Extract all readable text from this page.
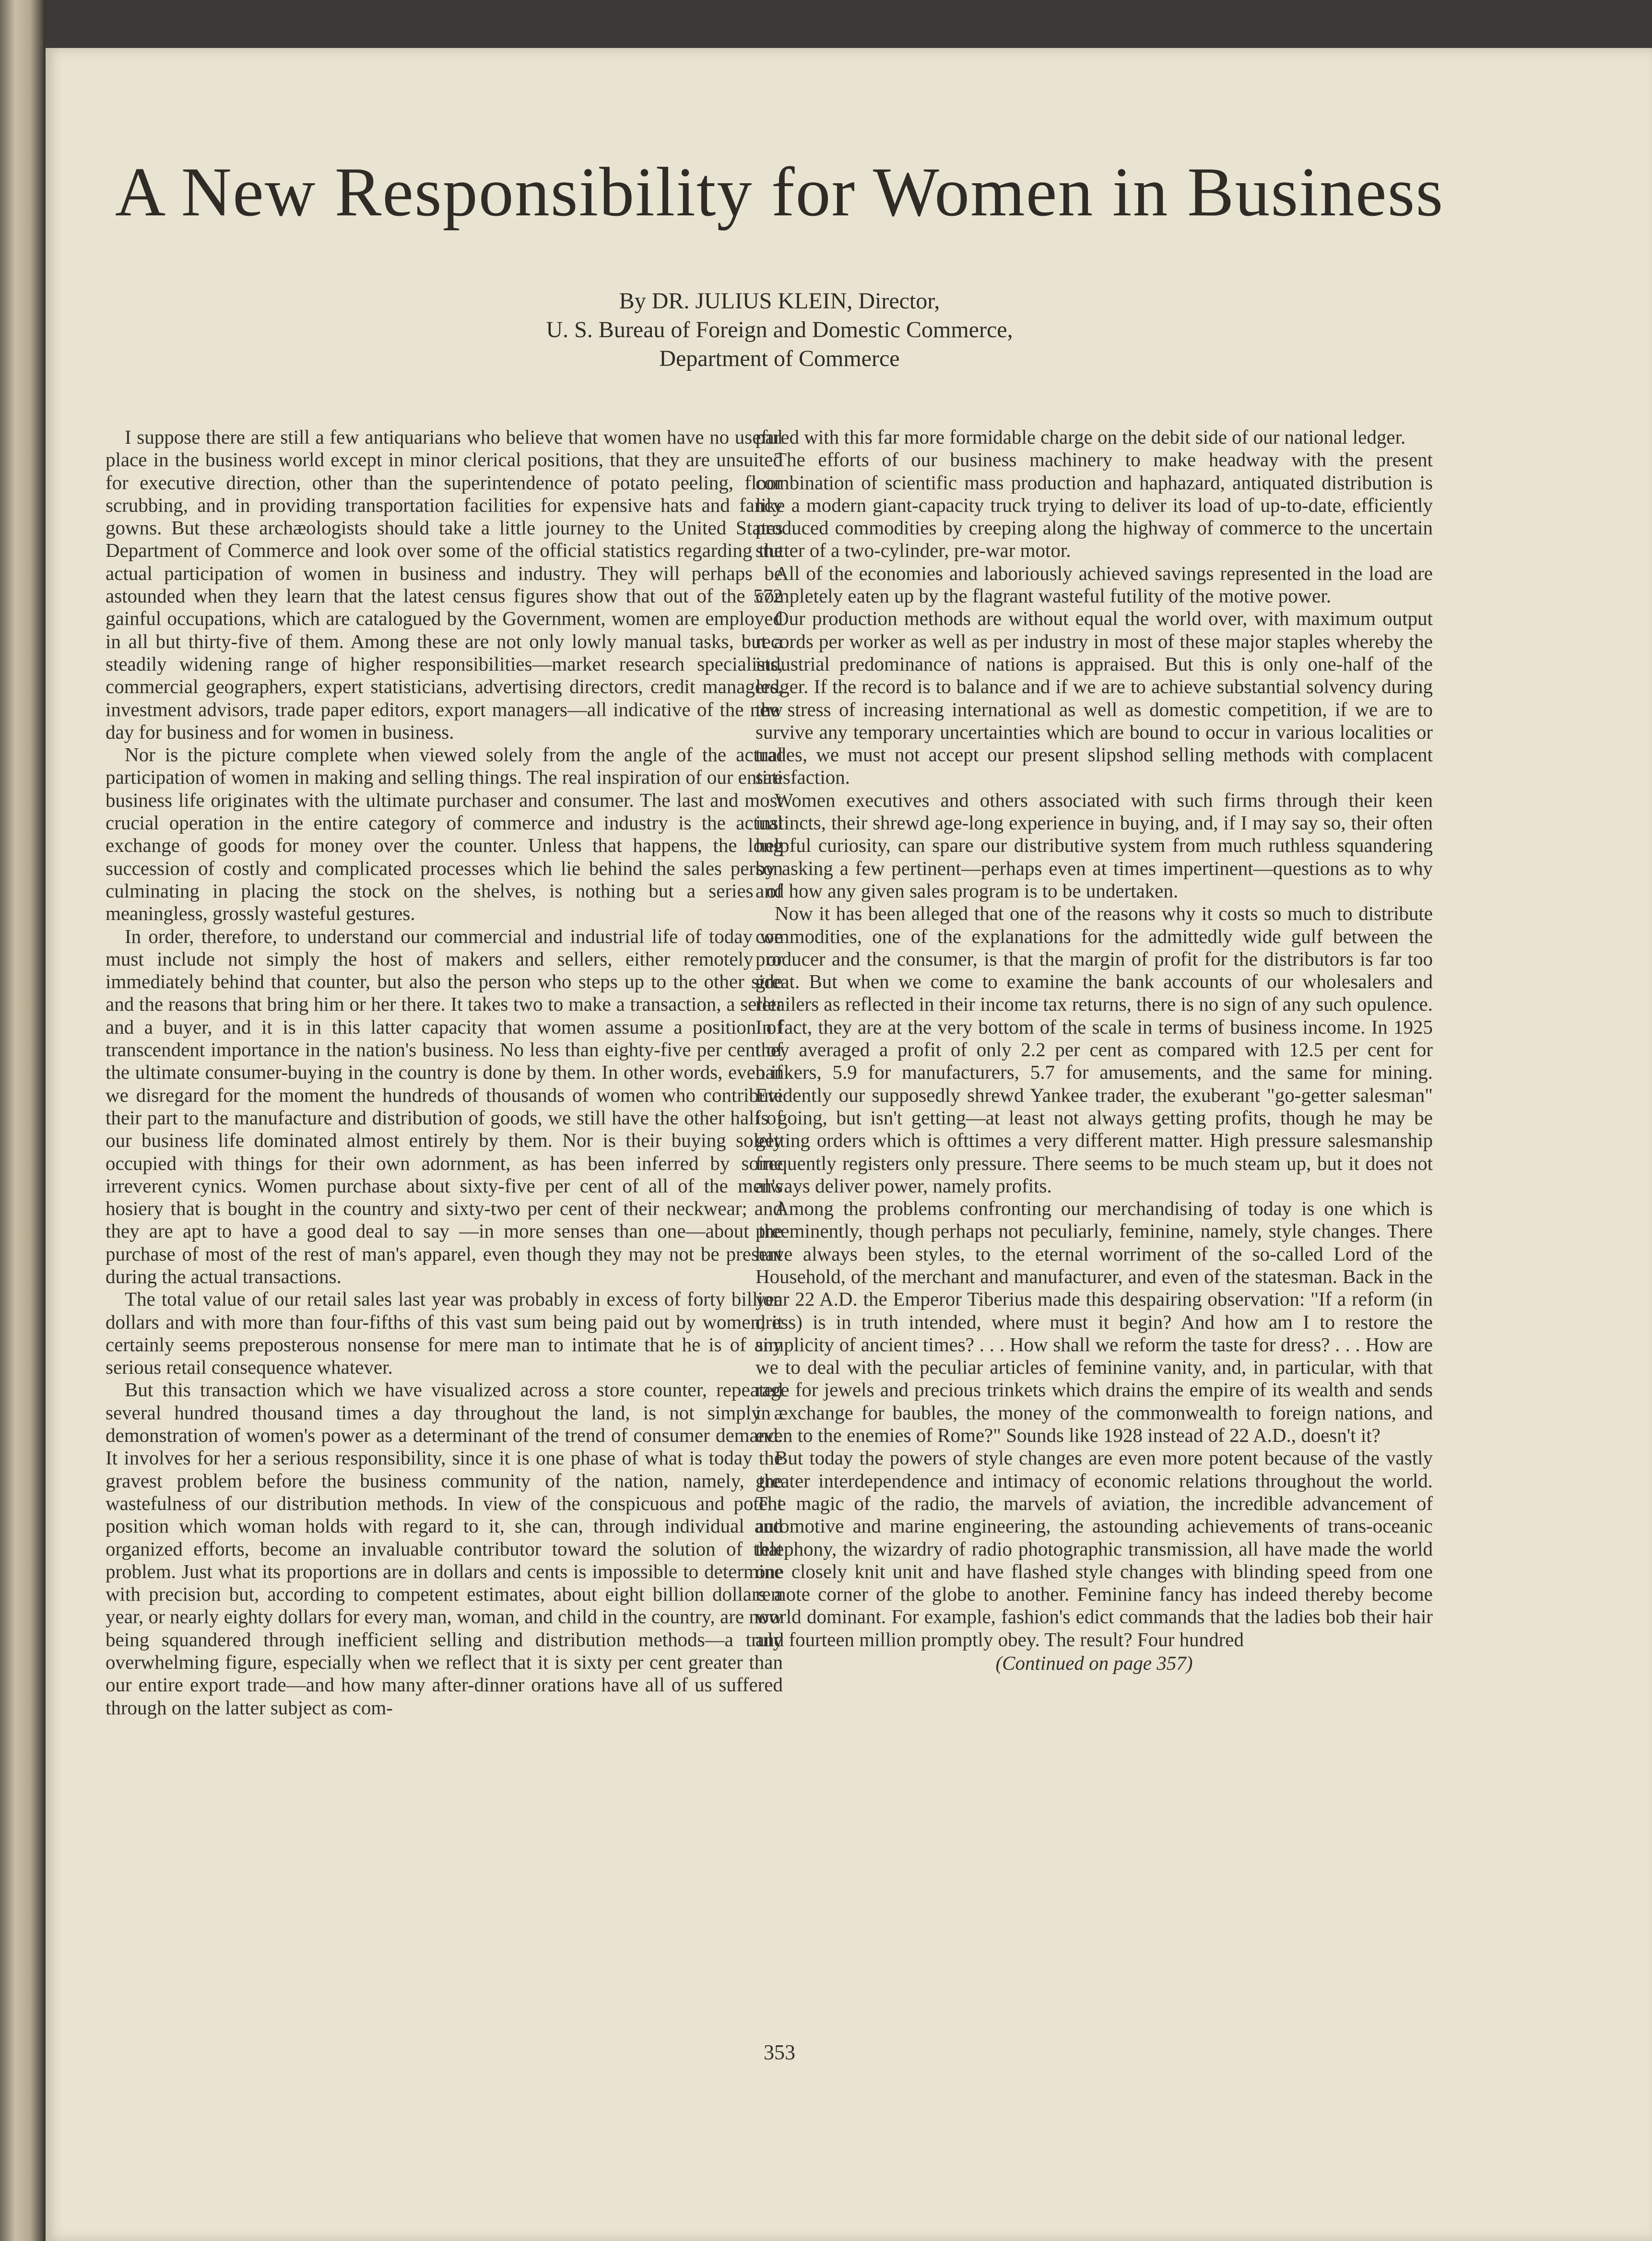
A New Responsibility for Women in Business
By DR. JULIUS KLEIN, Director,
U. S. Bureau of Foreign and Domestic Commerce,
Department of Commerce

I suppose there are still a few antiquarians who believe that women have no useful place in the business world except in minor clerical positions, that they are unsuited for executive direction, other than the superintendence of potato peeling, floor scrubbing, and in providing transportation facilities for expensive hats and fancy gowns. But these archæologists should take a little journey to the United States Department of Commerce and look over some of the official statistics regarding the actual participation of women in business and industry. They will perhaps be astounded when they learn that the latest census figures show that out of the 572 gainful occupations, which are catalogued by the Government, women are employed in all but thirty-five of them. Among these are not only lowly manual tasks, but a steadily widening range of higher responsibilities—market research specialists, commercial geographers, expert statisticians, advertising directors, credit managers, investment advisors, trade paper editors, export managers—all indicative of the new day for business and for women in business.

Nor is the picture complete when viewed solely from the angle of the actual participation of women in making and selling things. The real inspiration of our entire business life originates with the ultimate purchaser and consumer. The last and most crucial operation in the entire category of commerce and industry is the actual exchange of goods for money over the counter. Unless that happens, the long succession of costly and complicated processes which lie behind the sales person culminating in placing the stock on the shelves, is nothing but a series of meaningless, grossly wasteful gestures.

In order, therefore, to understand our commercial and industrial life of today we must include not simply the host of makers and sellers, either remotely or immediately behind that counter, but also the person who steps up to the other side and the reasons that bring him or her there. It takes two to make a transaction, a seller and a buyer, and it is in this latter capacity that women assume a position of transcendent importance in the nation's business. No less than eighty-five per cent of the ultimate consumer-buying in the country is done by them. In other words, even if we disregard for the moment the hundreds of thousands of women who contribute their part to the manufacture and distribution of goods, we still have the other half of our business life dominated almost entirely by them. Nor is their buying solely occupied with things for their own adornment, as has been inferred by some irreverent cynics. Women purchase about sixty-five per cent of all of the men's hosiery that is bought in the country and sixty-two per cent of their neckwear; and they are apt to have a good deal to say —in more senses than one—about the purchase of most of the rest of man's apparel, even though they may not be present during the actual transactions.

The total value of our retail sales last year was probably in excess of forty billion dollars and with more than four-fifths of this vast sum being paid out by women, it certainly seems preposterous nonsense for mere man to intimate that he is of any serious retail consequence whatever.

But this transaction which we have visualized across a store counter, repeated several hundred thousand times a day throughout the land, is not simply a demonstration of women's power as a determinant of the trend of consumer demand. It involves for her a serious responsibility, since it is one phase of what is today the gravest problem before the business community of the nation, namely, the wastefulness of our distribution methods. In view of the conspicuous and potent position which woman holds with regard to it, she can, through individual and organized efforts, become an invaluable contributor toward the solution of that problem. Just what its proportions are in dollars and cents is impossible to determine with precision but, according to competent estimates, about eight billion dollars a year, or nearly eighty dollars for every man, woman, and child in the country, are now being squandered through inefficient selling and distribution methods—a truly overwhelming figure, especially when we reflect that it is sixty per cent greater than our entire export trade—and how many after-dinner orations have all of us suffered through on the latter subject as com-

pared with this far more formidable charge on the debit side of our national ledger.

The efforts of our business machinery to make headway with the present combination of scientific mass production and haphazard, antiquated distribution is like a modern giant-capacity truck trying to deliver its load of up-to-date, efficiently produced commodities by creeping along the highway of commerce to the uncertain stutter of a two-cylinder, pre-war motor.

All of the economies and laboriously achieved savings represented in the load are completely eaten up by the flagrant wasteful futility of the motive power.

Our production methods are without equal the world over, with maximum output records per worker as well as per industry in most of these major staples whereby the industrial predominance of nations is appraised. But this is only one-half of the ledger. If the record is to balance and if we are to achieve substantial solvency during the stress of increasing international as well as domestic competition, if we are to survive any temporary uncertainties which are bound to occur in various localities or trades, we must not accept our present slipshod selling methods with complacent satisfaction.

Women executives and others associated with such firms through their keen instincts, their shrewd age-long experience in buying, and, if I may say so, their often helpful curiosity, can spare our distributive system from much ruthless squandering by asking a few pertinent—perhaps even at times impertinent—questions as to why and how any given sales program is to be undertaken.

Now it has been alleged that one of the reasons why it costs so much to distribute commodities, one of the explanations for the admittedly wide gulf between the producer and the consumer, is that the margin of profit for the distributors is far too great. But when we come to examine the bank accounts of our wholesalers and retailers as reflected in their income tax returns, there is no sign of any such opulence. In fact, they are at the very bottom of the scale in terms of business income. In 1925 they averaged a profit of only 2.2 per cent as compared with 12.5 per cent for bankers, 5.9 for manufacturers, 5.7 for amusements, and the same for mining. Evidently our supposedly shrewd Yankee trader, the exuberant "go-getter salesman" is going, but isn't getting—at least not always getting profits, though he may be getting orders which is ofttimes a very different matter. High pressure salesmanship frequently registers only pressure. There seems to be much steam up, but it does not always deliver power, namely profits.

Among the problems confronting our merchandising of today is one which is preeminently, though perhaps not peculiarly, feminine, namely, style changes. There have always been styles, to the eternal worriment of the so-called Lord of the Household, of the merchant and manufacturer, and even of the statesman. Back in the year 22 A.D. the Emperor Tiberius made this despairing observation: "If a reform (in dress) is in truth intended, where must it begin? And how am I to restore the simplicity of ancient times? . . . How shall we reform the taste for dress? . . . How are we to deal with the peculiar articles of feminine vanity, and, in particular, with that rage for jewels and precious trinkets which drains the empire of its wealth and sends in exchange for baubles, the money of the commonwealth to foreign nations, and even to the enemies of Rome?" Sounds like 1928 instead of 22 A.D., doesn't it?

But today the powers of style changes are even more potent because of the vastly greater interdependence and intimacy of economic relations throughout the world. The magic of the radio, the marvels of aviation, the incredible advancement of automotive and marine engineering, the astounding achievements of trans-oceanic telephony, the wizardry of radio photographic transmission, all have made the world one closely knit unit and have flashed style changes with blinding speed from one remote corner of the globe to another. Feminine fancy has indeed thereby become world dominant. For example, fashion's edict commands that the ladies bob their hair and fourteen million promptly obey. The result? Four hundred

(Continued on page 357)

353
